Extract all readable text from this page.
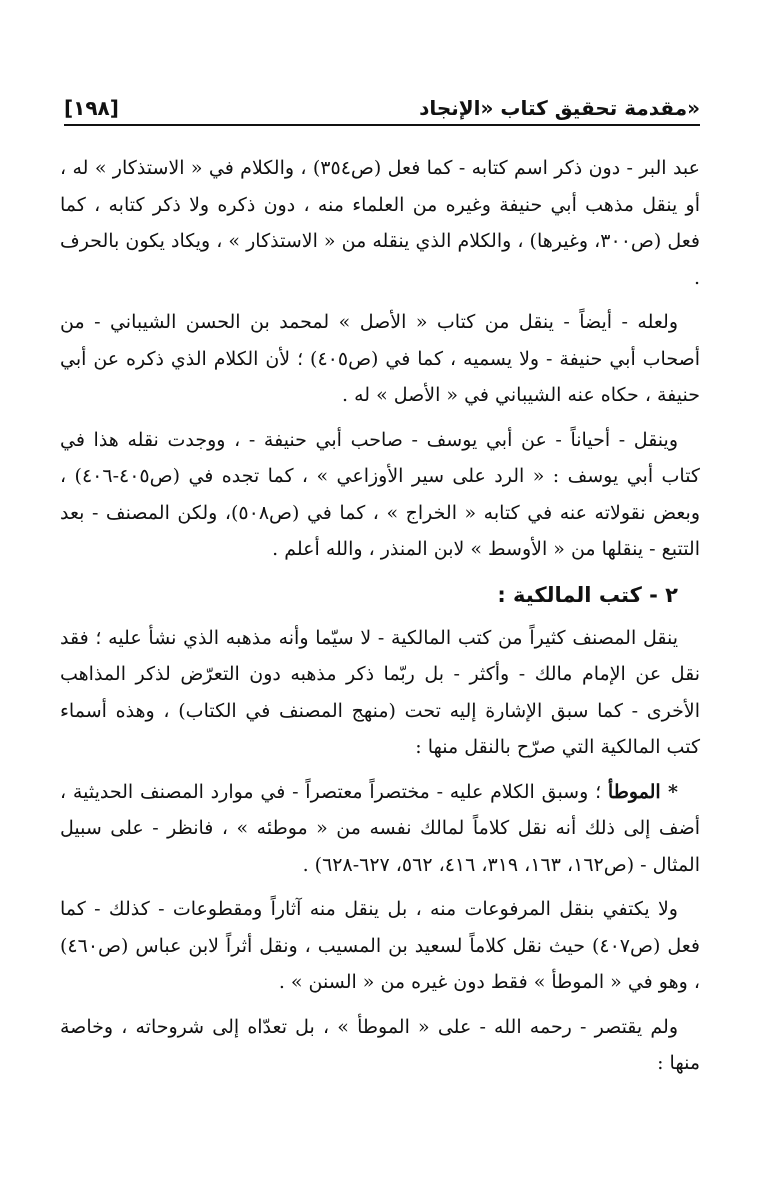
[١٩٨]	مقدمة تحقيق كتاب «الإنجاد»

عبد البر - دون ذكر اسم كتابه - كما فعل (ص٣٥٤) ، والكلام في « الاستذكار » له ، أو ينقل مذهب أبي حنيفة وغيره من العلماء منه ، دون ذكره ولا ذكر كتابه ، كما فعل (ص٣٠٠، وغيرها) ، والكلام الذي ينقله من « الاستذكار » ، ويكاد يكون بالحرف .

ولعله - أيضاً - ينقل من كتاب « الأصل » لمحمد بن الحسن الشيباني - من أصحاب أبي حنيفة - ولا يسميه ، كما في (ص٤٠٥) ؛ لأن الكلام الذي ذكره عن أبي حنيفة ، حكاه عنه الشيباني في « الأصل » له .

وينقل - أحياناً - عن أبي يوسف - صاحب أبي حنيفة - ، ووجدت نقله هذا في كتاب أبي يوسف : « الرد على سير الأوزاعي » ، كما تجده في (ص٤٠٥-٤٠٦) ، وبعض نقولاته عنه في كتابه « الخراج » ، كما في (ص٥٠٨)، ولكن المصنف - بعد التتبع - ينقلها من « الأوسط » لابن المنذر ، والله أعلم .

٢ - كتب المالكية :

ينقل المصنف كثيراً من كتب المالكية - لا سيّما وأنه مذهبه الذي نشأ عليه ؛ فقد نقل عن الإمام مالك - وأكثر - بل ربّما ذكر مذهبه دون التعرّض لذكر المذاهب الأخرى - كما سبق الإشارة إليه تحت (منهج المصنف في الكتاب) ، وهذه أسماء كتب المالكية التي صرّح بالنقل منها :

* الموطأ ؛ وسبق الكلام عليه - مختصراً معتصراً - في موارد المصنف الحديثية ، أضف إلى ذلك أنه نقل كلاماً لمالك نفسه من « موطئه » ، فانظر - على سبيل المثال - (ص١٦٢، ١٦٣، ٣١٩، ٤١٦، ٥٦٢، ٦٢٧-٦٢٨) .

ولا يكتفي بنقل المرفوعات منه ، بل ينقل منه آثاراً ومقطوعات - كذلك - كما فعل (ص٤٠٧) حيث نقل كلاماً لسعيد بن المسيب ، ونقل أثراً لابن عباس (ص٤٦٠) ، وهو في « الموطأ » فقط دون غيره من « السنن » .

ولم يقتصر - رحمه الله - على « الموطأ » ، بل تعدّاه إلى شروحاته ، وخاصة منها :
